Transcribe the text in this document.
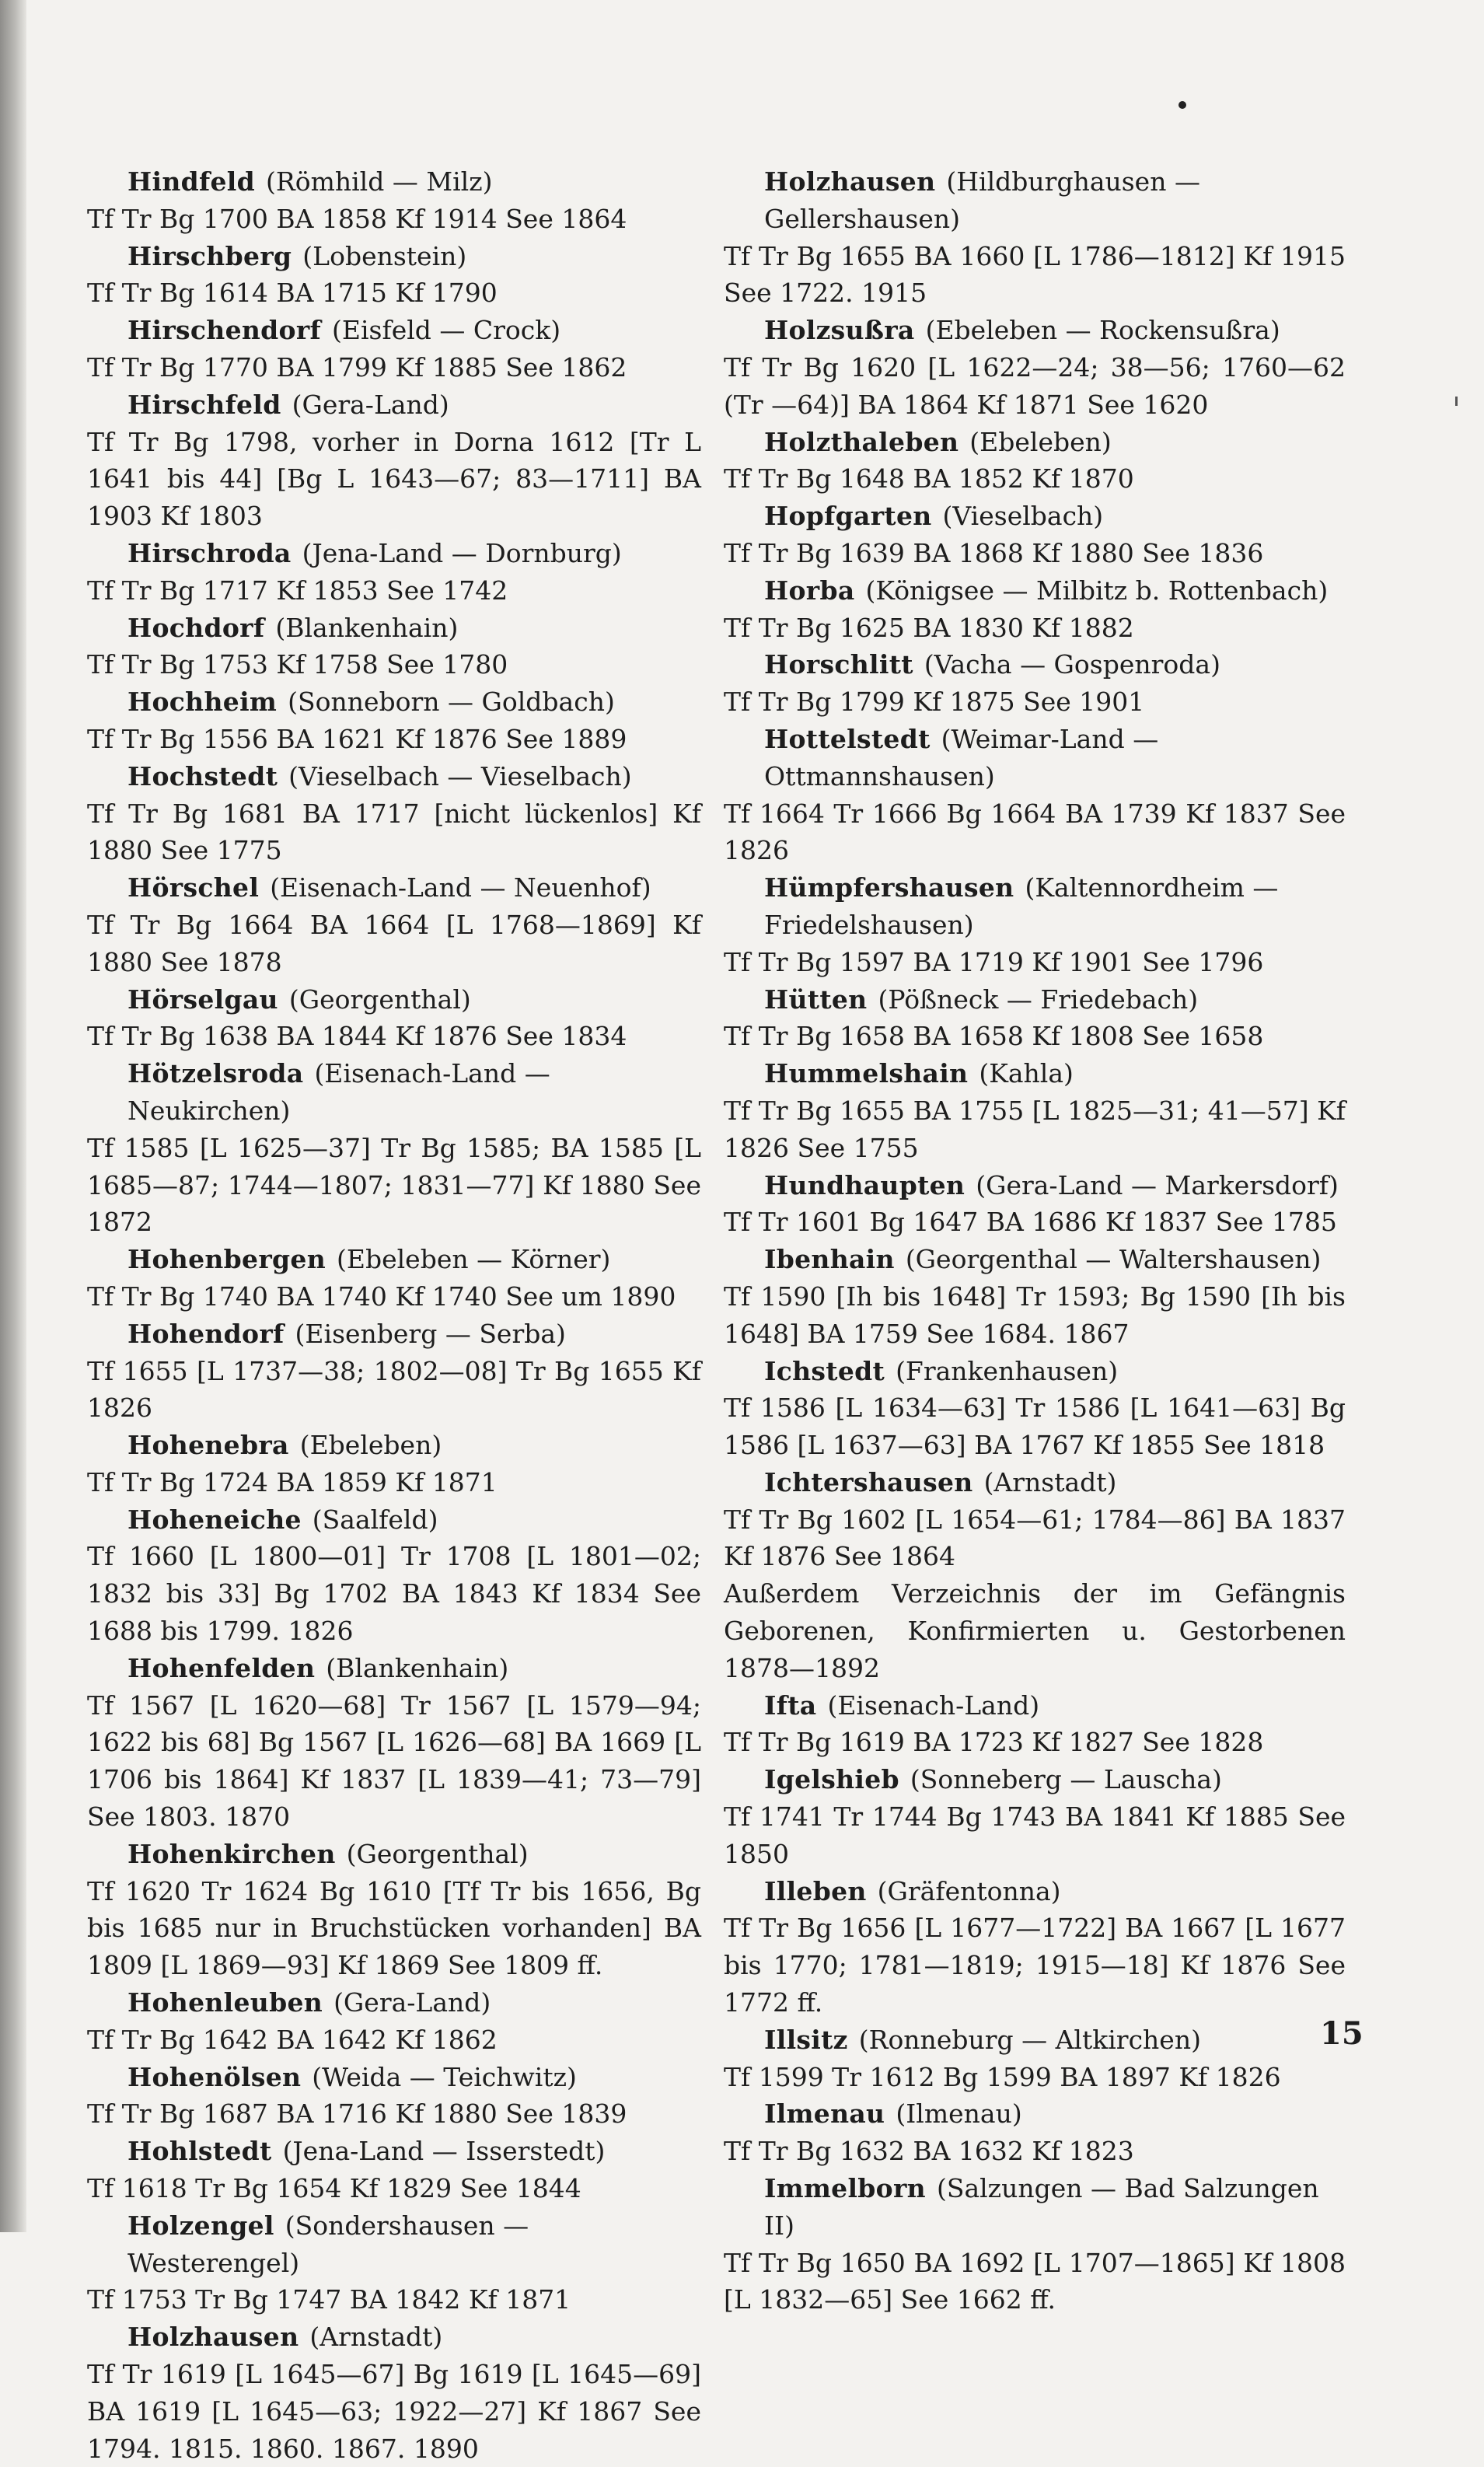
Hindfeld (Römhild — Milz)
Tf Tr Bg 1700 BA 1858 Kf 1914 See 1864
Hirschberg (Lobenstein)
Tf Tr Bg 1614 BA 1715 Kf 1790
Hirschendorf (Eisfeld — Crock)
Tf Tr Bg 1770 BA 1799 Kf 1885 See 1862
Hirschfeld (Gera-Land)
Tf Tr Bg 1798, vorher in Dorna 1612 [Tr L 1641 bis 44] [Bg L 1643—67; 83—1711] BA 1903 Kf 1803
Hirschroda (Jena-Land — Dornburg)
Tf Tr Bg 1717 Kf 1853 See 1742
Hochdorf (Blankenhain)
Tf Tr Bg 1753 Kf 1758 See 1780
Hochheim (Sonneborn — Goldbach)
Tf Tr Bg 1556 BA 1621 Kf 1876 See 1889
Hochstedt (Vieselbach — Vieselbach)
Tf Tr Bg 1681 BA 1717 [nicht lückenlos] Kf 1880 See 1775
Hörschel (Eisenach-Land — Neuenhof)
Tf Tr Bg 1664 BA 1664 [L 1768—1869] Kf 1880 See 1878
Hörselgau (Georgenthal)
Tf Tr Bg 1638 BA 1844 Kf 1876 See 1834
Hötzelsroda (Eisenach-Land — Neukirchen)
Tf 1585 [L 1625—37] Tr Bg 1585; BA 1585 [L 1685—87; 1744—1807; 1831—77] Kf 1880 See 1872
Hohenbergen (Ebeleben — Körner)
Tf Tr Bg 1740 BA 1740 Kf 1740 See um 1890
Hohendorf (Eisenberg — Serba)
Tf 1655 [L 1737—38; 1802—08] Tr Bg 1655 Kf 1826
Hohenebra (Ebeleben)
Tf Tr Bg 1724 BA 1859 Kf 1871
Hoheneiche (Saalfeld)
Tf 1660 [L 1800—01] Tr 1708 [L 1801—02; 1832 bis 33] Bg 1702 BA 1843 Kf 1834 See 1688 bis 1799. 1826
Hohenfelden (Blankenhain)
Tf 1567 [L 1620—68] Tr 1567 [L 1579—94; 1622 bis 68] Bg 1567 [L 1626—68] BA 1669 [L 1706 bis 1864] Kf 1837 [L 1839—41; 73—79] See 1803. 1870
Hohenkirchen (Georgenthal)
Tf 1620 Tr 1624 Bg 1610 [Tf Tr bis 1656, Bg bis 1685 nur in Bruchstücken vorhanden] BA 1809 [L 1869—93] Kf 1869 See 1809 ff.
Hohenleuben (Gera-Land)
Tf Tr Bg 1642 BA 1642 Kf 1862
Hohenölsen (Weida — Teichwitz)
Tf Tr Bg 1687 BA 1716 Kf 1880 See 1839
Hohlstedt (Jena-Land — Isserstedt)
Tf 1618 Tr Bg 1654 Kf 1829 See 1844
Holzengel (Sondershausen — Westerengel)
Tf 1753 Tr Bg 1747 BA 1842 Kf 1871
Holzhausen (Arnstadt)
Tf Tr 1619 [L 1645—67] Bg 1619 [L 1645—69] BA 1619 [L 1645—63; 1922—27] Kf 1867 See 1794. 1815. 1860. 1867. 1890
Holzhausen (Hildburghausen — Gellershausen)
Tf Tr Bg 1655 BA 1660 [L 1786—1812] Kf 1915 See 1722. 1915
Holzsußra (Ebeleben — Rockensußra)
Tf Tr Bg 1620 [L 1622—24; 38—56; 1760—62 (Tr —64)] BA 1864 Kf 1871 See 1620
Holzthaleben (Ebeleben)
Tf Tr Bg 1648 BA 1852 Kf 1870
Hopfgarten (Vieselbach)
Tf Tr Bg 1639 BA 1868 Kf 1880 See 1836
Horba (Königsee — Milbitz b. Rottenbach)
Tf Tr Bg 1625 BA 1830 Kf 1882
Horschlitt (Vacha — Gospenroda)
Tf Tr Bg 1799 Kf 1875 See 1901
Hottelstedt (Weimar-Land — Ottmannshausen)
Tf 1664 Tr 1666 Bg 1664 BA 1739 Kf 1837 See 1826
Hümpfershausen (Kaltennordheim — Friedelshausen)
Tf Tr Bg 1597 BA 1719 Kf 1901 See 1796
Hütten (Pößneck — Friedebach)
Tf Tr Bg 1658 BA 1658 Kf 1808 See 1658
Hummelshain (Kahla)
Tf Tr Bg 1655 BA 1755 [L 1825—31; 41—57] Kf 1826 See 1755
Hundhaupten (Gera-Land — Markersdorf)
Tf Tr 1601 Bg 1647 BA 1686 Kf 1837 See 1785
Ibenhain (Georgenthal — Waltershausen)
Tf 1590 [Ih bis 1648] Tr 1593; Bg 1590 [Ih bis 1648] BA 1759 See 1684. 1867
Ichstedt (Frankenhausen)
Tf 1586 [L 1634—63] Tr 1586 [L 1641—63] Bg 1586 [L 1637—63] BA 1767 Kf 1855 See 1818
Ichtershausen (Arnstadt)
Tf Tr Bg 1602 [L 1654—61; 1784—86] BA 1837 Kf 1876 See 1864
Außerdem Verzeichnis der im Gefängnis Geborenen, Konfirmierten u. Gestorbenen 1878—1892
Ifta (Eisenach-Land)
Tf Tr Bg 1619 BA 1723 Kf 1827 See 1828
Igelshieb (Sonneberg — Lauscha)
Tf 1741 Tr 1744 Bg 1743 BA 1841 Kf 1885 See 1850
Illeben (Gräfentonna)
Tf Tr Bg 1656 [L 1677—1722] BA 1667 [L 1677 bis 1770; 1781—1819; 1915—18] Kf 1876 See 1772 ff.
Illsitz (Ronneburg — Altkirchen)
Tf 1599 Tr 1612 Bg 1599 BA 1897 Kf 1826
Ilmenau (Ilmenau)
Tf Tr Bg 1632 BA 1632 Kf 1823
Immelborn (Salzungen — Bad Salzungen II)
Tf Tr Bg 1650 BA 1692 [L 1707—1865] Kf 1808 [L 1832—65] See 1662 ff.
15
